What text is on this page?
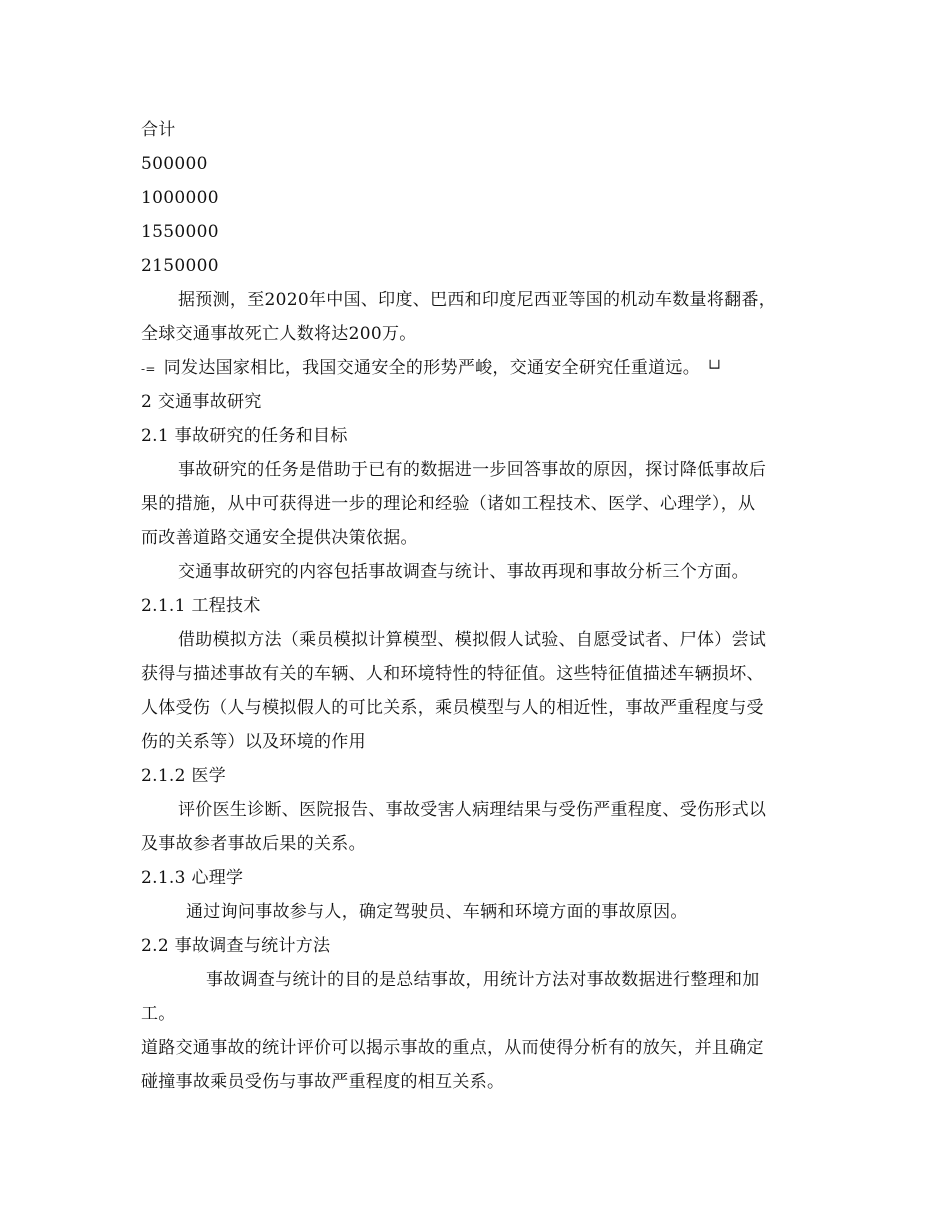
合计
500000
1000000
1550000
2150000
据预测，至2020年中国、印度、巴西和印度尼西亚等国的机动车数量将翻番，
全球交通事故死亡人数将达200万。
-= 同发达国家相比，我国交通安全的形势严峻，交通安全研究任重道远。 └┘
2 交通事故研究
2.1 事故研究的任务和目标
事故研究的任务是借助于已有的数据进一步回答事故的原因，探讨降低事故后
果的措施，从中可获得进一步的理论和经验（诸如工程技术、医学、心理学），从
而改善道路交通安全提供决策依据。
交通事故研究的内容包括事故调查与统计、事故再现和事故分析三个方面。
2.1.1 工程技术
借助模拟方法（乘员模拟计算模型、模拟假人试验、自愿受试者、尸体）尝试
获得与描述事故有关的车辆、人和环境特性的特征值。这些特征值描述车辆损坏、
人体受伤（人与模拟假人的可比关系，乘员模型与人的相近性，事故严重程度与受
伤的关系等）以及环境的作用
2.1.2 医学
评价医生诊断、医院报告、事故受害人病理结果与受伤严重程度、受伤形式以
及事故参者事故后果的关系。
2.1.3 心理学
通过询问事故参与人，确定驾驶员、车辆和环境方面的事故原因。
2.2 事故调查与统计方法
事故调查与统计的目的是总结事故，用统计方法对事故数据进行整理和加
工。
道路交通事故的统计评价可以揭示事故的重点，从而使得分析有的放矢，并且确定
碰撞事故乘员受伤与事故严重程度的相互关系。
